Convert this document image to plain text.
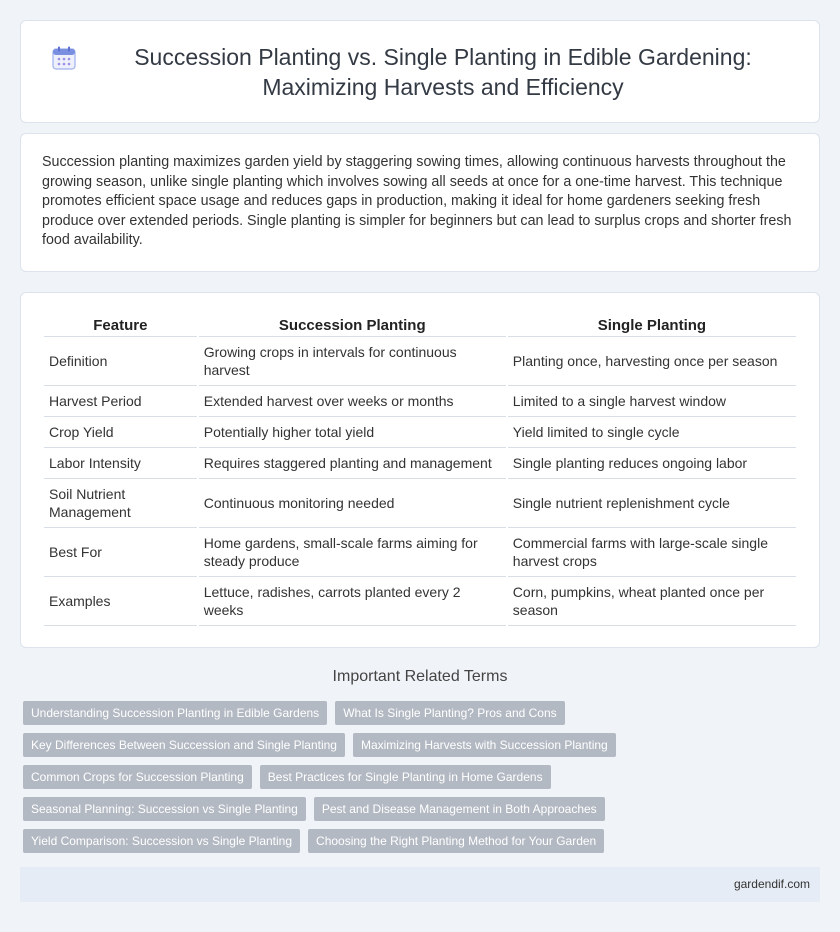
Succession Planting vs. Single Planting in Edible Gardening: Maximizing Harvests and Efficiency

Succession planting maximizes garden yield by staggering sowing times, allowing continuous harvests throughout the growing season, unlike single planting which involves sowing all seeds at once for a one-time harvest. This technique promotes efficient space usage and reduces gaps in production, making it ideal for home gardeners seeking fresh produce over extended periods. Single planting is simpler for beginners but can lead to surplus crops and shorter fresh food availability.

Feature	Succession Planting	Single Planting
Definition	Growing crops in intervals for continuous harvest	Planting once, harvesting once per season
Harvest Period	Extended harvest over weeks or months	Limited to a single harvest window
Crop Yield	Potentially higher total yield	Yield limited to single cycle
Labor Intensity	Requires staggered planting and management	Single planting reduces ongoing labor
Soil Nutrient Management	Continuous monitoring needed	Single nutrient replenishment cycle
Best For	Home gardens, small-scale farms aiming for steady produce	Commercial farms with large-scale single harvest crops
Examples	Lettuce, radishes, carrots planted every 2 weeks	Corn, pumpkins, wheat planted once per season
Important Related Terms
Understanding Succession Planting in Edible Gardens	What Is Single Planting? Pros and Cons
Key Differences Between Succession and Single Planting	Maximizing Harvests with Succession Planting
Common Crops for Succession Planting	Best Practices for Single Planting in Home Gardens
Seasonal Planning: Succession vs Single Planting	Pest and Disease Management in Both Approaches
Yield Comparison: Succession vs Single Planting	Choosing the Right Planting Method for Your Garden
gardendif.com
